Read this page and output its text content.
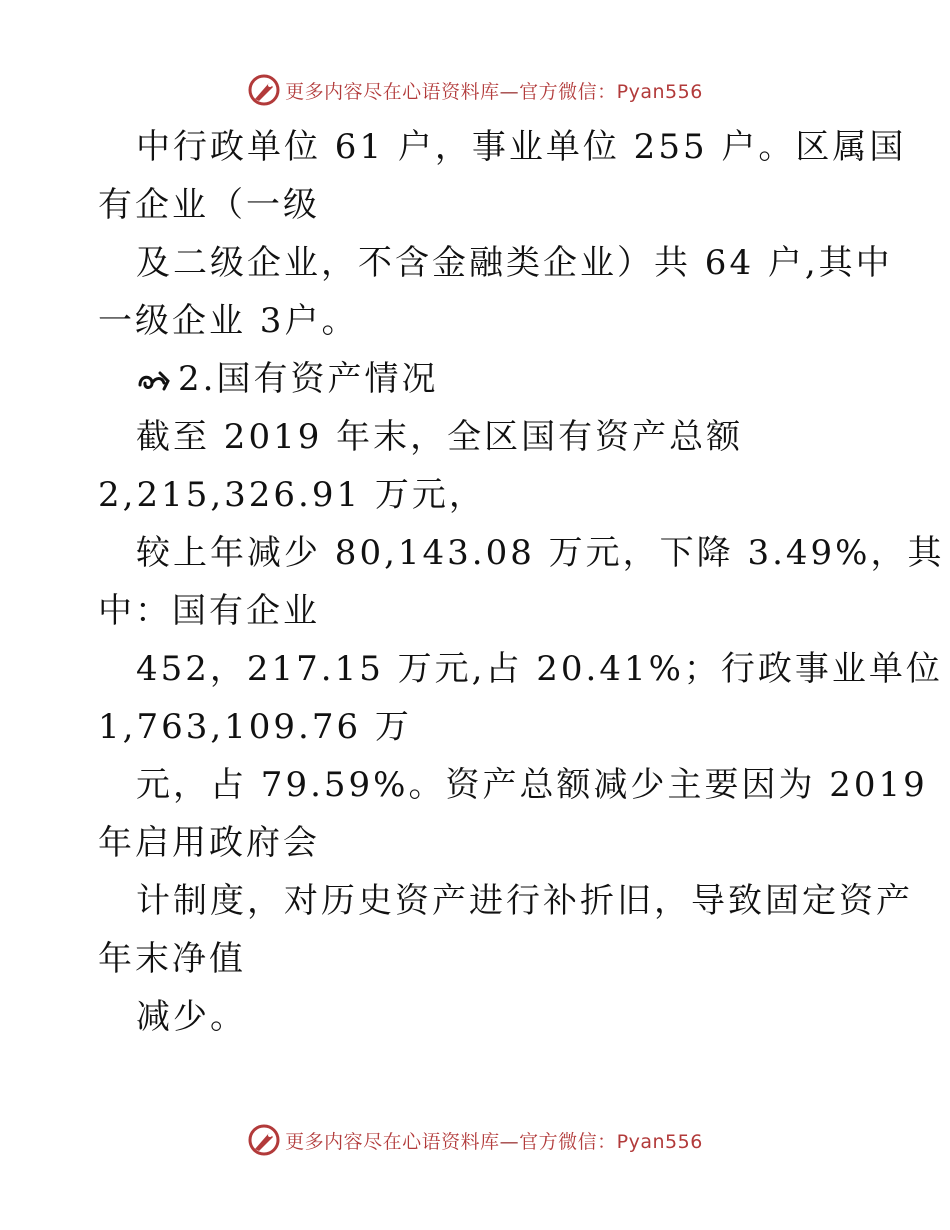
更多内容尽在心语资料库—官方微信：Pyan556
中行政单位 61 户，事业单位 255 户。区属国
有企业（一级
及二级企业，不含金融类企业）共 64 户,其中
一级企业 3户。
2.国有资产情况
截至 2019 年末，全区国有资产总额
2,215,326.91 万元，
较上年减少 80,143.08 万元，下降 3.49%，其
中：国有企业
452，217.15 万元,占 20.41%；行政事业单位
1,763,109.76 万
元，占 79.59%。资产总额减少主要因为 2019
年启用政府会
计制度，对历史资产进行补折旧，导致固定资产
年末净值
减少。
更多内容尽在心语资料库—官方微信：Pyan556
